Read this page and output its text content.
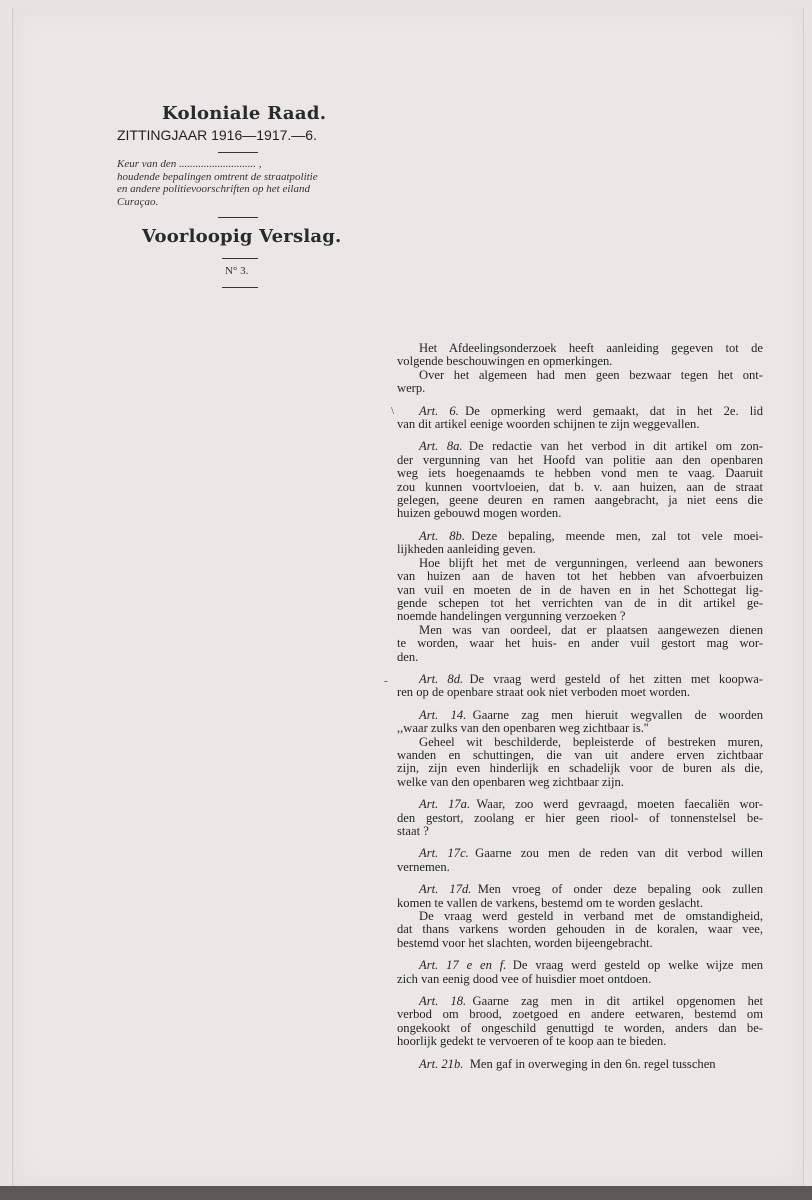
Koloniale Raad.
ZITTINGJAAR 1916—1917.—6.
Keur van den ............................ ,
houdende bepalingen omtrent de straatpolitie
en andere politievoorschriften op het eiland
Curaçao.
Voorloopig Verslag.
N° 3.
\
-
Het Afdeelingsonderzoek heeft aanleiding gegeven tot de
volgende beschouwingen en opmerkingen.
Over het algemeen had men geen bezwaar tegen het ont-
werp.
Art. 6.  De opmerking werd gemaakt, dat in het 2e. lid
van dit artikel eenige woorden schijnen te zijn weggevallen.
Art. 8a.  De redactie van het verbod in dit artikel om zon-
der vergunning van het Hoofd van politie aan den openbaren
weg iets hoegenaamds te hebben vond men te vaag. Daaruit
zou kunnen voortvloeien, dat b. v. aan huizen, aan de straat
gelegen, geene deuren en ramen aangebracht, ja niet eens die
huizen gebouwd mogen worden.
Art. 8b.  Deze bepaling, meende men, zal tot vele moei-
lijkheden aanleiding geven.
Hoe blijft het met de vergunningen, verleend aan bewoners
van huizen aan de haven tot het hebben van afvoerbuizen
van vuil en moeten de in de haven en in het Schottegat lig-
gende schepen tot het verrichten van de in dit artikel ge-
noemde handelingen vergunning verzoeken ?
Men was van oordeel, dat er plaatsen aangewezen dienen
te worden, waar het huis- en ander vuil gestort mag wor-
den.
Art. 8d.  De vraag werd gesteld of het zitten met koopwa-
ren op de openbare straat ook niet verboden moet worden.
Art. 14.  Gaarne zag men hieruit wegvallen de woorden
,,waar zulks van den openbaren weg zichtbaar is.''
Geheel wit beschilderde, bepleisterde of bestreken muren,
wanden en schuttingen, die van uit andere erven zichtbaar
zijn, zijn even hinderlijk en schadelijk voor de buren als die,
welke van den openbaren weg zichtbaar zijn.
Art. 17a.  Waar, zoo werd gevraagd, moeten faecaliën wor-
den gestort, zoolang er hier geen riool- of tonnenstelsel be-
staat ?
Art. 17c.  Gaarne zou men de reden van dit verbod willen
vernemen.
Art. 17d.  Men vroeg of onder deze bepaling ook zullen
komen te vallen de varkens, bestemd om te worden geslacht.
De vraag werd gesteld in verband met de omstandigheid,
dat thans varkens worden gehouden in de koralen, waar vee,
bestemd voor het slachten, worden bijeengebracht.
Art. 17 e en f.  De vraag werd gesteld op welke wijze men
zich van eenig dood vee of huisdier moet ontdoen.
Art. 18.  Gaarne zag men in dit artikel opgenomen het
verbod om brood, zoetgoed en andere eetwaren, bestemd om
ongekookt of ongeschild genuttigd te worden, anders dan be-
hoorlijk gedekt te vervoeren of te koop aan te bieden.
Art. 21b.  Men gaf in overweging in den 6n. regel tusschen
